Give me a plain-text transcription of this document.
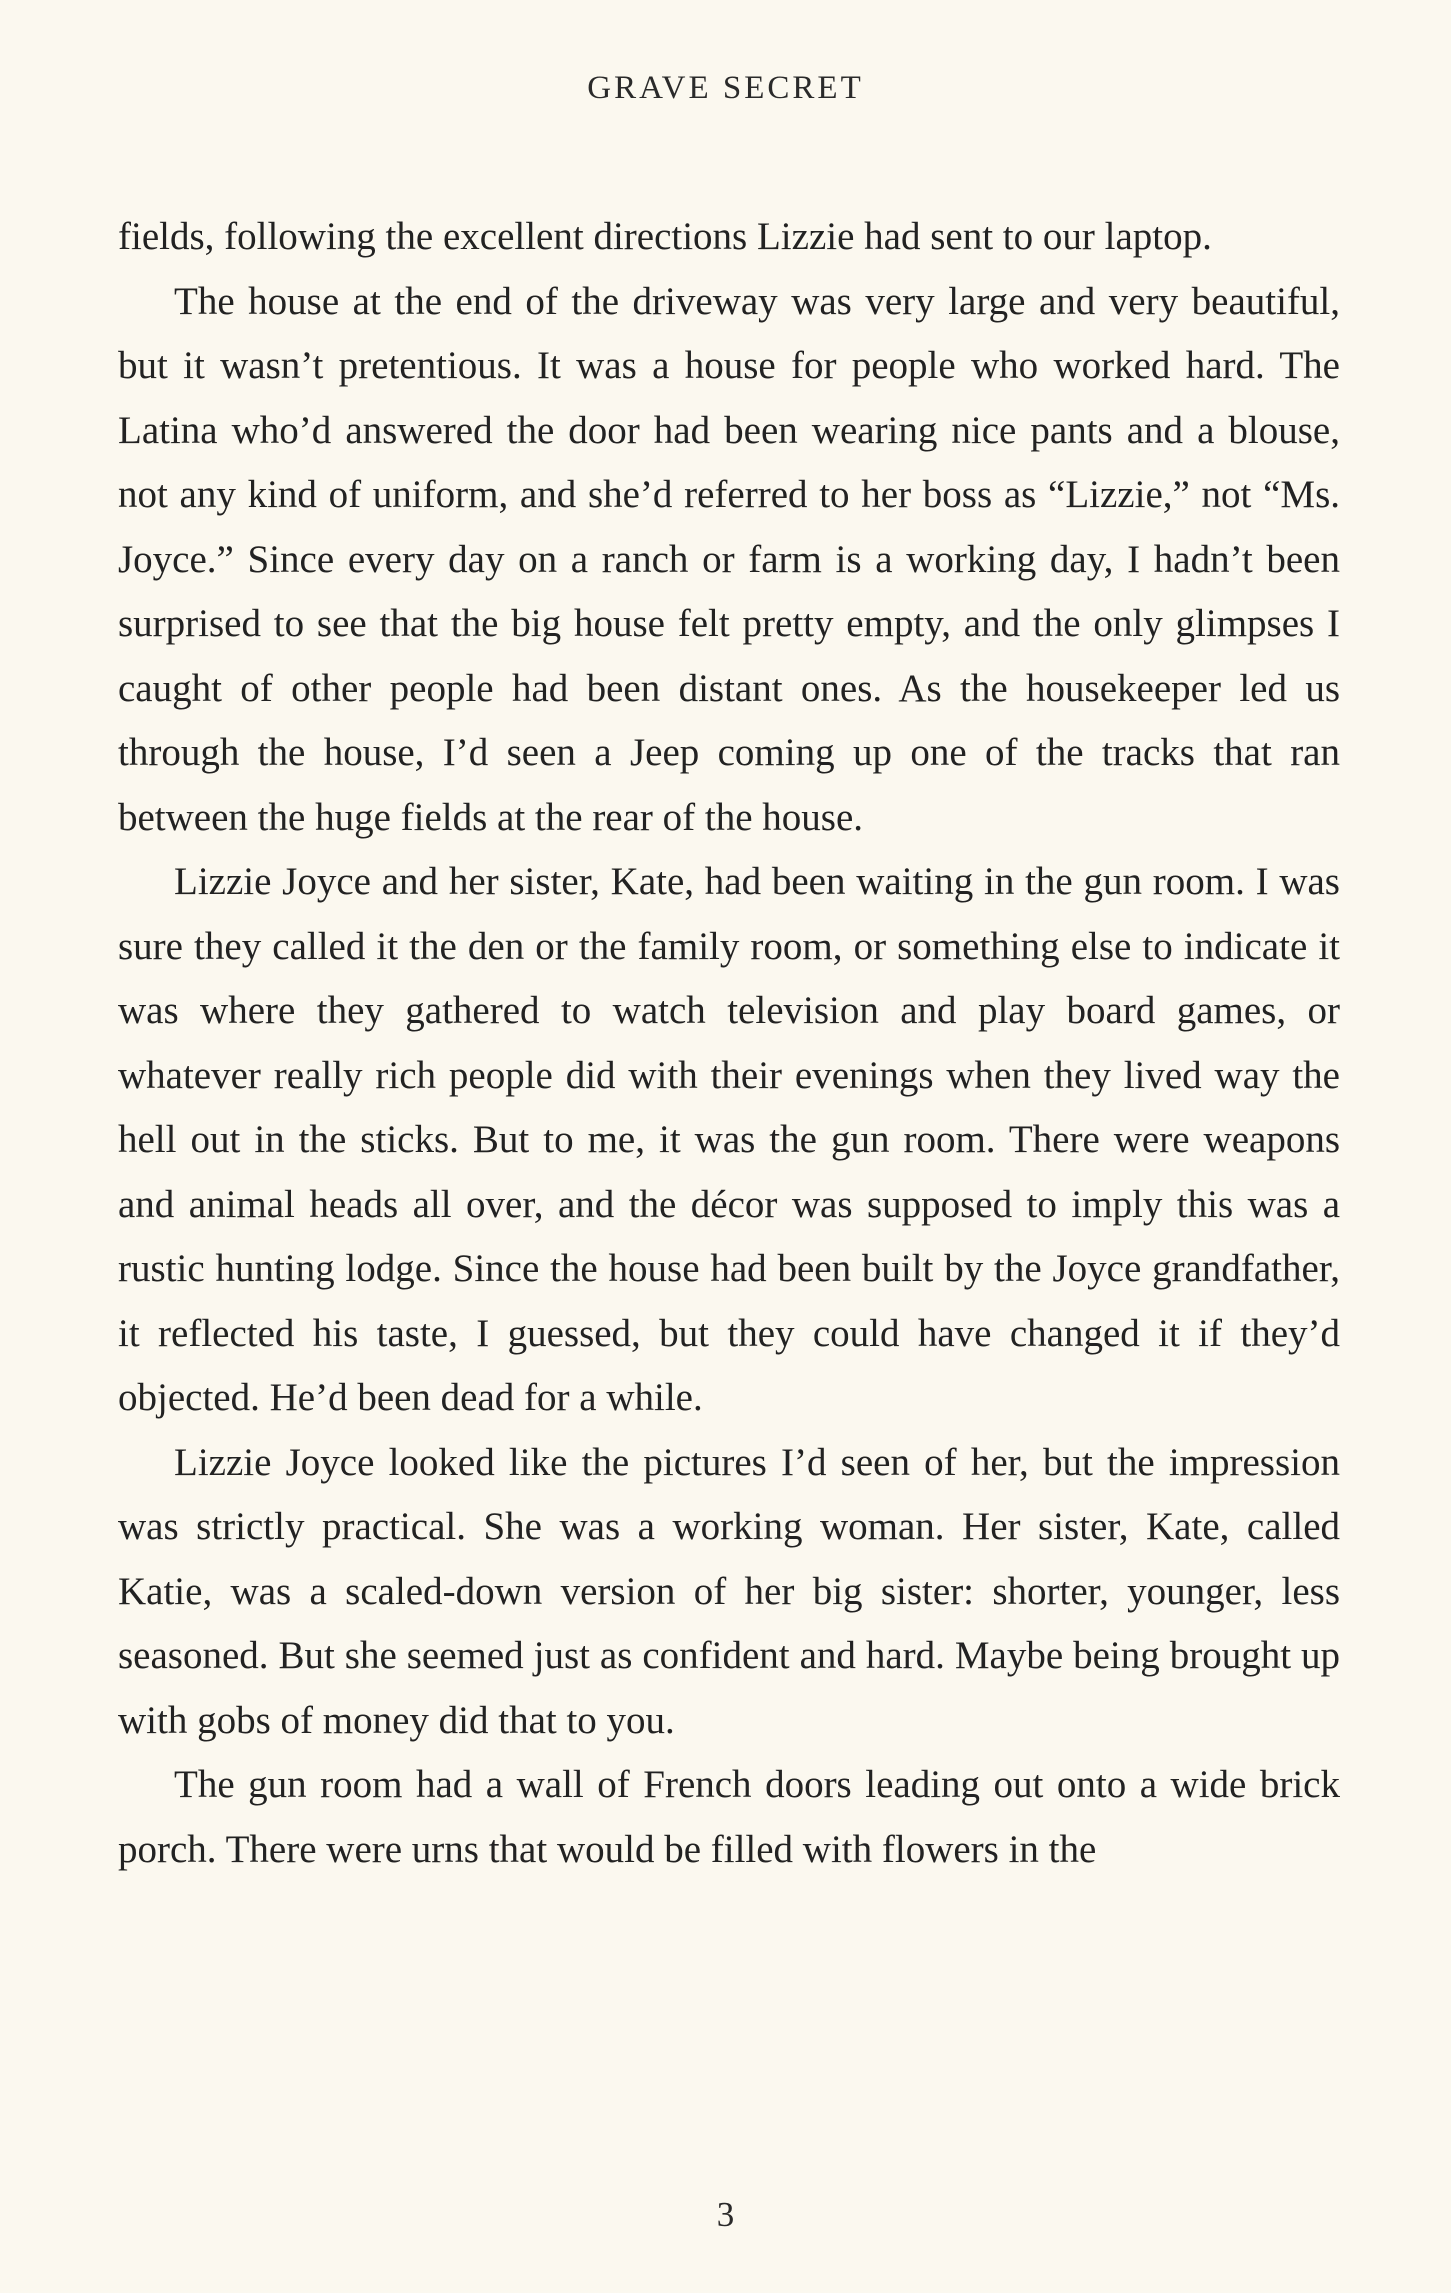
GRAVE SECRET

fields, following the excellent directions Lizzie had sent to our laptop.

The house at the end of the driveway was very large and very beautiful, but it wasn’t pretentious. It was a house for people who worked hard. The Latina who’d answered the door had been wearing nice pants and a blouse, not any kind of uniform, and she’d referred to her boss as “Lizzie,” not “Ms. Joyce.” Since every day on a ranch or farm is a working day, I hadn’t been surprised to see that the big house felt pretty empty, and the only glimpses I caught of other people had been distant ones. As the housekeeper led us through the house, I’d seen a Jeep coming up one of the tracks that ran between the huge fields at the rear of the house.

Lizzie Joyce and her sister, Kate, had been waiting in the gun room. I was sure they called it the den or the family room, or something else to indicate it was where they gathered to watch television and play board games, or whatever really rich people did with their evenings when they lived way the hell out in the sticks. But to me, it was the gun room. There were weapons and animal heads all over, and the décor was supposed to imply this was a rustic hunting lodge. Since the house had been built by the Joyce grandfather, it reflected his taste, I guessed, but they could have changed it if they’d objected. He’d been dead for a while.

Lizzie Joyce looked like the pictures I’d seen of her, but the impression was strictly practical. She was a working woman. Her sister, Kate, called Katie, was a scaled-down version of her big sister: shorter, younger, less seasoned. But she seemed just as confident and hard. Maybe being brought up with gobs of money did that to you.

The gun room had a wall of French doors leading out onto a wide brick porch. There were urns that would be filled with flowers in the

3
